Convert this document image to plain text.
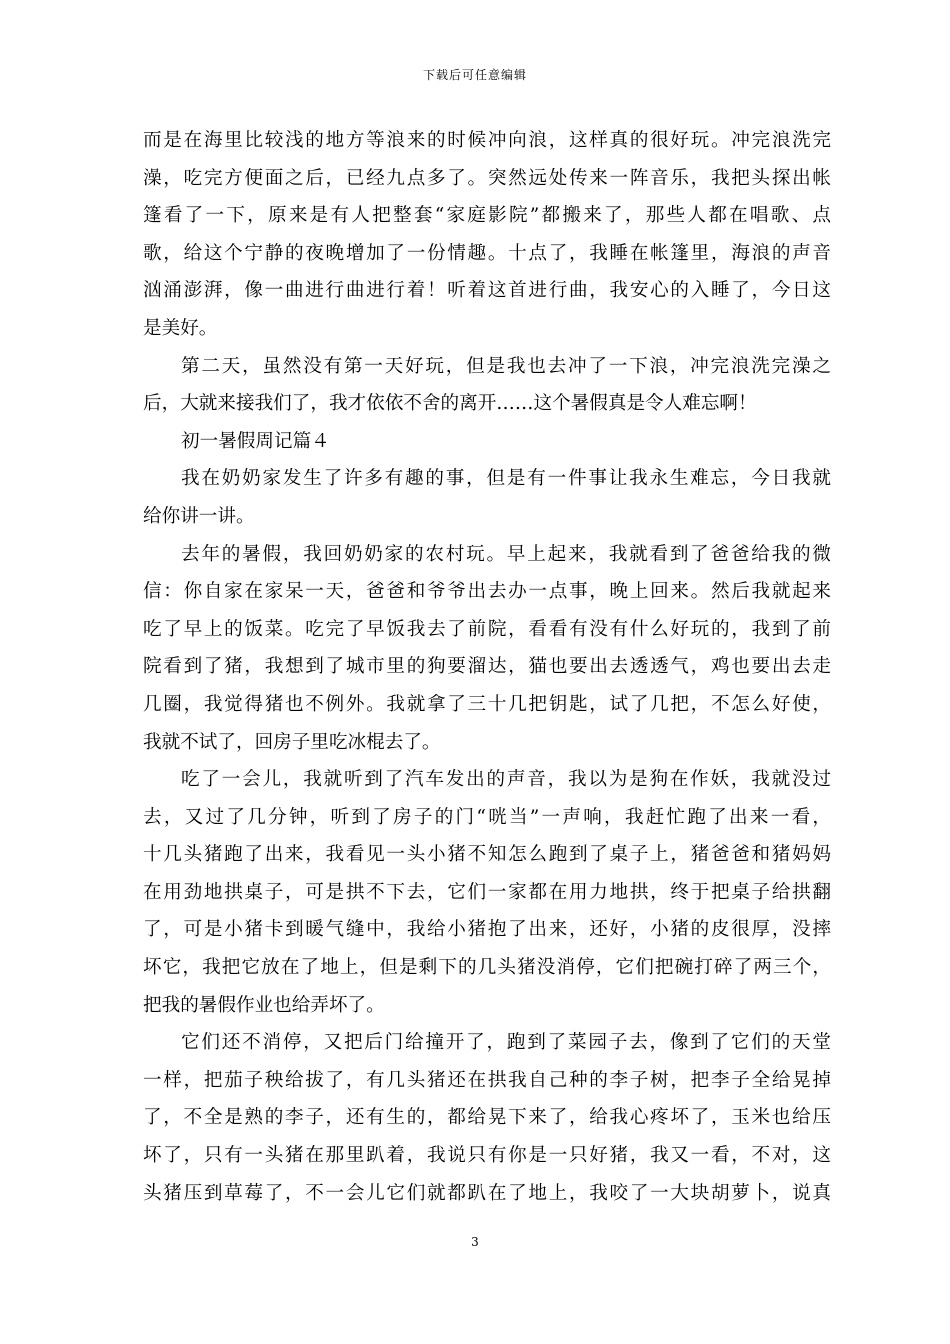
下载后可任意编辑
而是在海里比较浅的地方等浪来的时候冲向浪，这样真的很好玩。冲完浪洗完
澡，吃完方便面之后，已经九点多了。突然远处传来一阵音乐，我把头探出帐
篷看了一下，原来是有人把整套“家庭影院”都搬来了，那些人都在唱歌、点
歌，给这个宁静的夜晚增加了一份情趣。十点了，我睡在帐篷里，海浪的声音
汹涌澎湃，像一曲进行曲进行着！听着这首进行曲，我安心的入睡了，今日这
是美好。
第二天，虽然没有第一天好玩，但是我也去冲了一下浪，冲完浪洗完澡之
后，大就来接我们了，我才依依不舍的离开……这个暑假真是令人难忘啊！
初一暑假周记篇４
我在奶奶家发生了许多有趣的事，但是有一件事让我永生难忘，今日我就
给你讲一讲。
去年的暑假，我回奶奶家的农村玩。早上起来，我就看到了爸爸给我的微
信：你自家在家呆一天，爸爸和爷爷出去办一点事，晚上回来。然后我就起来
吃了早上的饭菜。吃完了早饭我去了前院，看看有没有什么好玩的，我到了前
院看到了猪，我想到了城市里的狗要溜达，猫也要出去透透气，鸡也要出去走
几圈，我觉得猪也不例外。我就拿了三十几把钥匙，试了几把，不怎么好使，
我就不试了，回房子里吃冰棍去了。
吃了一会儿，我就听到了汽车发出的声音，我以为是狗在作妖，我就没过
去，又过了几分钟，听到了房子的门“咣当”一声响，我赶忙跑了出来一看，
十几头猪跑了出来，我看见一头小猪不知怎么跑到了桌子上，猪爸爸和猪妈妈
在用劲地拱桌子，可是拱不下去，它们一家都在用力地拱，终于把桌子给拱翻
了，可是小猪卡到暖气缝中，我给小猪抱了出来，还好，小猪的皮很厚，没摔
坏它，我把它放在了地上，但是剩下的几头猪没消停，它们把碗打碎了两三个，
把我的暑假作业也给弄坏了。
它们还不消停，又把后门给撞开了，跑到了菜园子去，像到了它们的天堂
一样，把茄子秧给拔了，有几头猪还在拱我自己种的李子树，把李子全给晃掉
了，不全是熟的李子，还有生的，都给晃下来了，给我心疼坏了，玉米也给压
坏了，只有一头猪在那里趴着，我说只有你是一只好猪，我又一看，不对，这
头猪压到草莓了，不一会儿它们就都趴在了地上，我咬了一大块胡萝卜，说真
3
